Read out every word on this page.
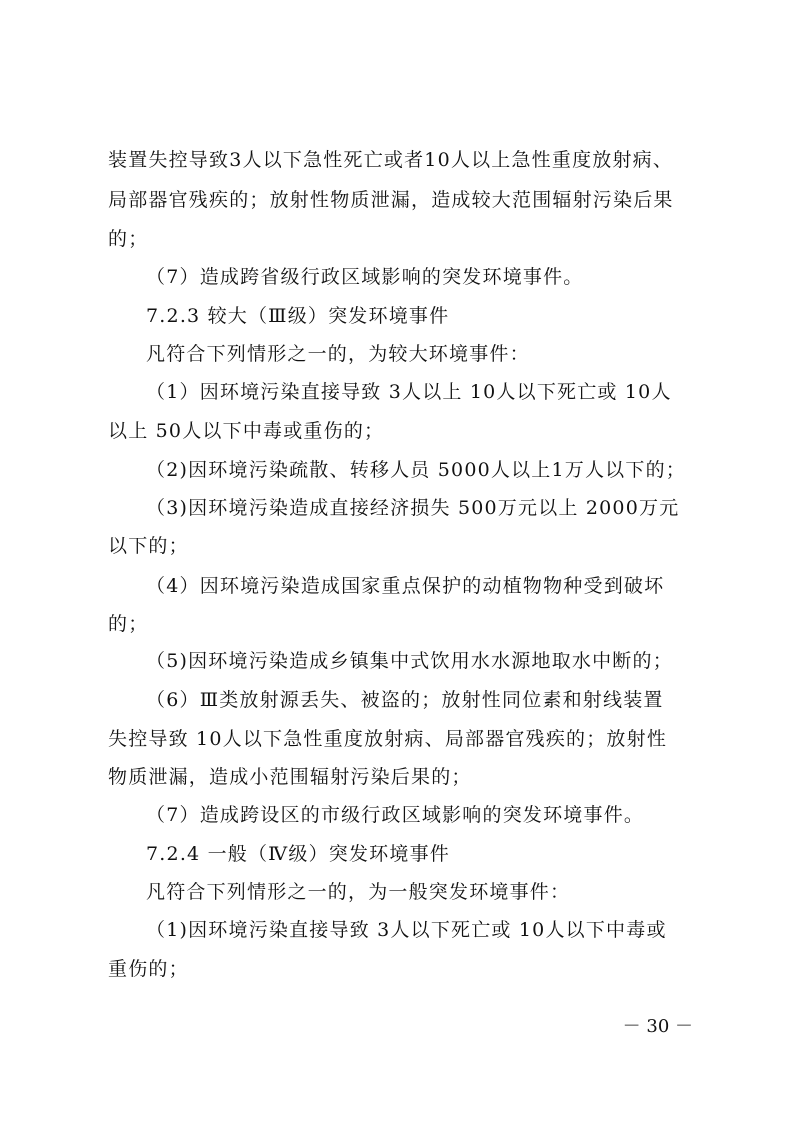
装置失控导致3人以下急性死亡或者10人以上急性重度放射病、
局部器官残疾的；放射性物质泄漏，造成较大范围辐射污染后果
的；
（7）造成跨省级行政区域影响的突发环境事件。
7.2.3 较大（Ⅲ级）突发环境事件
凡符合下列情形之一的，为较大环境事件：
（1）因环境污染直接导致 3人以上 10人以下死亡或 10人
以上 50人以下中毒或重伤的；
（2)因环境污染疏散、转移人员 5000人以上1万人以下的；
（3)因环境污染造成直接经济损失 500万元以上 2000万元
以下的；
（4）因环境污染造成国家重点保护的动植物物种受到破坏
的；
（5)因环境污染造成乡镇集中式饮用水水源地取水中断的；
（6）Ⅲ类放射源丢失、被盗的；放射性同位素和射线装置
失控导致 10人以下急性重度放射病、局部器官残疾的；放射性
物质泄漏，造成小范围辐射污染后果的；
（7）造成跨设区的市级行政区域影响的突发环境事件。
7.2.4 一般（Ⅳ级）突发环境事件
凡符合下列情形之一的，为一般突发环境事件：
（1)因环境污染直接导致 3人以下死亡或 10人以下中毒或
重伤的；
－ 30 －
